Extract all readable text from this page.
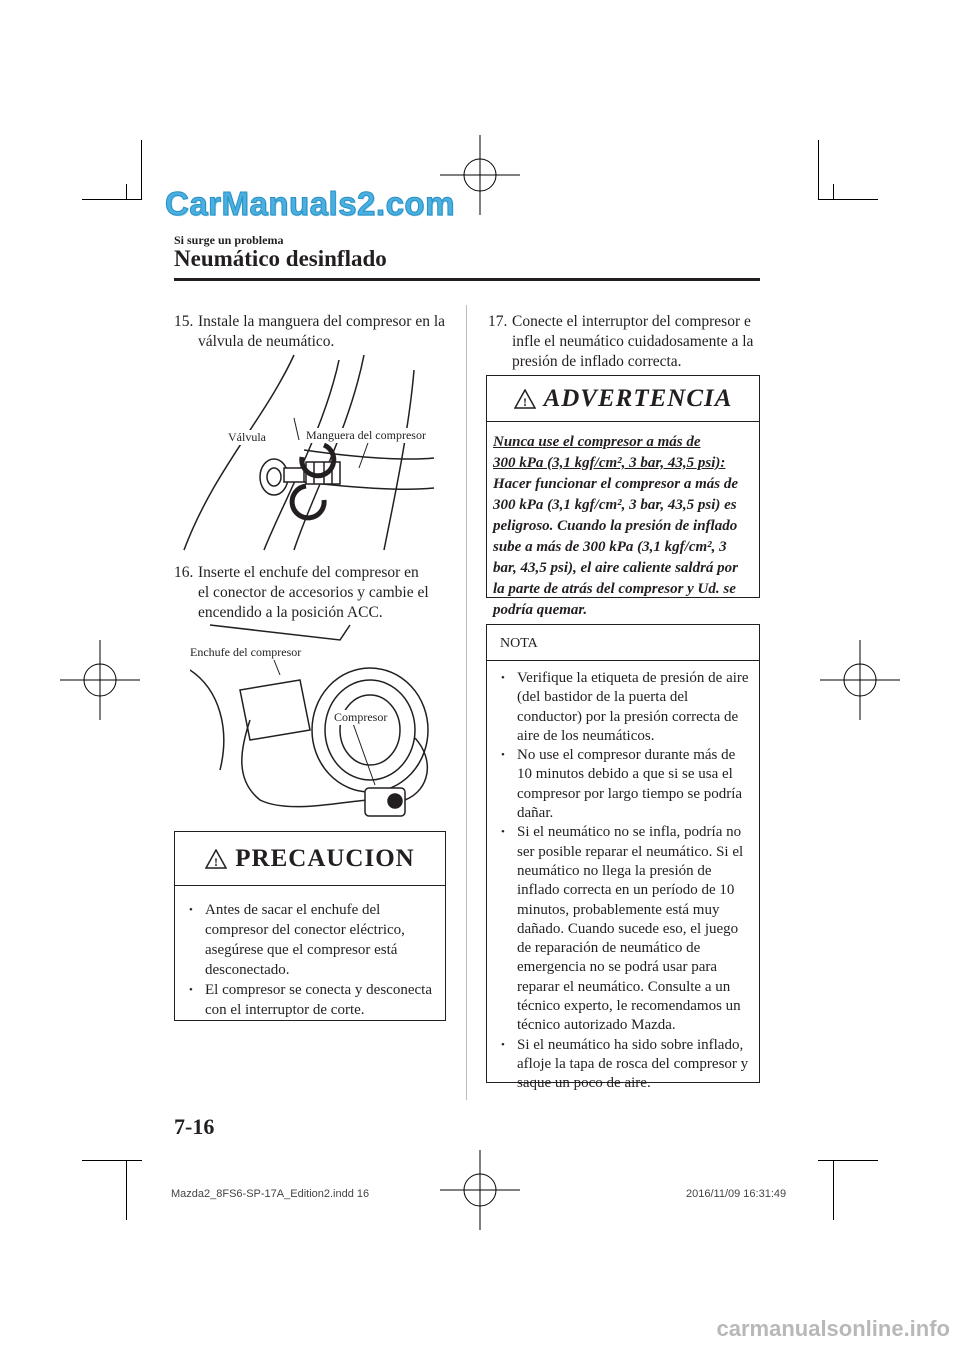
CarManuals2.com
Si surge un problema
Neumático desinflado
15. Instale la manguera del compresor en la
válvula de neumático.
Válvula	Manguera del compresor
16. Inserte el enchufe del compresor en
el conector de accesorios y cambie el
encendido a la posición ACC.
Enchufe del compresor
Compresor
! PRECAUCION
• Antes de sacar el enchufe del compresor del conector eléctrico, asegúrese que el compresor está desconectado.
• El compresor se conecta y desconecta con el interruptor de corte.
17. Conecte el interruptor del compresor e
infle el neumático cuidadosamente a la
presión de inflado correcta.
! ADVERTENCIA
Nunca use el compresor a más de
300 kPa (3,1 kgf/cm², 3 bar, 43,5 psi):
Hacer funcionar el compresor a más de 300 kPa (3,1 kgf/cm², 3 bar, 43,5 psi) es peligroso. Cuando la presión de inflado sube a más de 300 kPa (3,1 kgf/cm², 3 bar, 43,5 psi), el aire caliente saldrá por la parte de atrás del compresor y Ud. se podría quemar.
NOTA
• Verifique la etiqueta de presión de aire (del bastidor de la puerta del conductor) por la presión correcta de aire de los neumáticos.
• No use el compresor durante más de 10 minutos debido a que si se usa el compresor por largo tiempo se podría dañar.
• Si el neumático no se infla, podría no ser posible reparar el neumático. Si el neumático no llega la presión de inflado correcta en un período de 10 minutos, probablemente está muy dañado. Cuando sucede eso, el juego de reparación de neumático de emergencia no se podrá usar para reparar el neumático. Consulte a un técnico experto, le recomendamos un técnico autorizado Mazda.
• Si el neumático ha sido sobre inflado, afloje la tapa de rosca del compresor y saque un poco de aire.
7-16
Mazda2_8FS6-SP-17A_Edition2.indd 16	2016/11/09 16:31:49
carmanualsonline.info
